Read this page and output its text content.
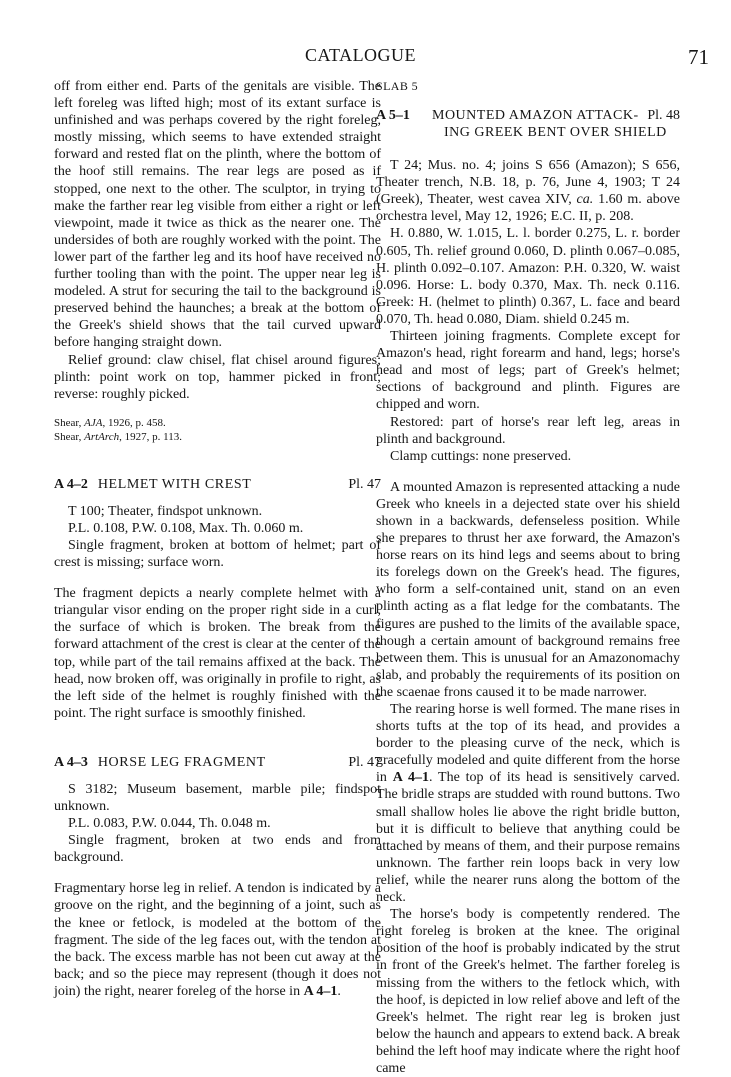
CATALOGUE	71

off from either end. Parts of the genitals are visible. The left foreleg was lifted high; most of its extant surface is unfinished and was perhaps covered by the right foreleg, mostly missing, which seems to have extended straight forward and rested flat on the plinth, where the bottom of the hoof still remains. The rear legs are posed as if stopped, one next to the other. The sculptor, in trying to make the farther rear leg visible from either a right or left viewpoint, made it twice as thick as the nearer one. The undersides of both are roughly worked with the point. The lower part of the farther leg and its hoof have received no further tooling than with the point. The upper near leg is modeled. A strut for securing the tail to the background is preserved behind the haunches; a break at the bottom of the Greek's shield shows that the tail curved upward before hanging straight down.

Relief ground: claw chisel, flat chisel around figures; plinth: point work on top, hammer picked in front; reverse: roughly picked.

Shear, AJA, 1926, p. 458.

Shear, ArtArch, 1927, p. 113.

A 4–2 HELMET WITH CREST	Pl. 47

T 100; Theater, findspot unknown.

P.L. 0.108, P.W. 0.108, Max. Th. 0.060 m.

Single fragment, broken at bottom of helmet; part of crest is missing; surface worn.

The fragment depicts a nearly complete helmet with a triangular visor ending on the proper right side in a curl, the surface of which is broken. The break from the forward attachment of the crest is clear at the center of the top, while part of the tail remains affixed at the back. The head, now broken off, was originally in profile to right, as the left side of the helmet is roughly finished with the point. The right surface is smoothly finished.

A 4–3 HORSE LEG FRAGMENT	Pl. 47

S 3182; Museum basement, marble pile; findspot unknown.

P.L. 0.083, P.W. 0.044, Th. 0.048 m.

Single fragment, broken at two ends and from background.

Fragmentary horse leg in relief. A tendon is indicated by a groove on the right, and the beginning of a joint, such as the knee or fetlock, is modeled at the bottom of the fragment. The side of the leg faces out, with the tendon at the back. The excess marble has not been cut away at the back; and so the piece may represent (though it does not join) the right, nearer foreleg of the horse in A 4–1.

SLAB 5
A 5–1 MOUNTED AMAZON ATTACK-
ING GREEK BENT OVER SHIELD
Pl. 48

T 24; Mus. no. 4; joins S 656 (Amazon); S 656, Theater trench, N.B. 18, p. 76, June 4, 1903; T 24 (Greek), Theater, west cavea XIV, ca. 1.60 m. above orchestra level, May 12, 1926; E.C. II, p. 208.

H. 0.880, W. 1.015, L. l. border 0.275, L. r. border 0.605, Th. relief ground 0.060, D. plinth 0.067–0.085, H. plinth 0.092–0.107. Amazon: P.H. 0.320, W. waist 0.096. Horse: L. body 0.370, Max. Th. neck 0.116. Greek: H. (helmet to plinth) 0.367, L. face and beard 0.070, Th. head 0.080, Diam. shield 0.245 m.

Thirteen joining fragments. Complete except for Amazon's head, right forearm and hand, legs; horse's head and most of legs; part of Greek's helmet; sections of background and plinth. Figures are chipped and worn.

Restored: part of horse's rear left leg, areas in plinth and background.

Clamp cuttings: none preserved.

A mounted Amazon is represented attacking a nude Greek who kneels in a dejected state over his shield shown in a backwards, defenseless position. While she prepares to thrust her axe forward, the Amazon's horse rears on its hind legs and seems about to bring its forelegs down on the Greek's head. The figures, who form a self-contained unit, stand on an even plinth acting as a flat ledge for the combatants. The figures are pushed to the limits of the available space, though a certain amount of background remains free between them. This is unusual for an Amazonomachy slab, and probably the requirements of its position on the scaenae frons caused it to be made narrower.

The rearing horse is well formed. The mane rises in shorts tufts at the top of its head, and provides a border to the pleasing curve of the neck, which is gracefully modeled and quite different from the horse in A 4–1. The top of its head is sensitively carved. The bridle straps are studded with round buttons. Two small shallow holes lie above the right bridle button, but it is difficult to believe that anything could be attached by means of them, and their purpose remains unknown. The farther rein loops back in very low relief, while the nearer runs along the bottom of the neck.

The horse's body is competently rendered. The right foreleg is broken at the knee. The original position of the hoof is probably indicated by the strut in front of the Greek's helmet. The farther foreleg is missing from the withers to the fetlock which, with the hoof, is depicted in low relief above and left of the Greek's helmet. The right rear leg is broken just below the haunch and appears to extend back. A break behind the left hoof may indicate where the right hoof came
